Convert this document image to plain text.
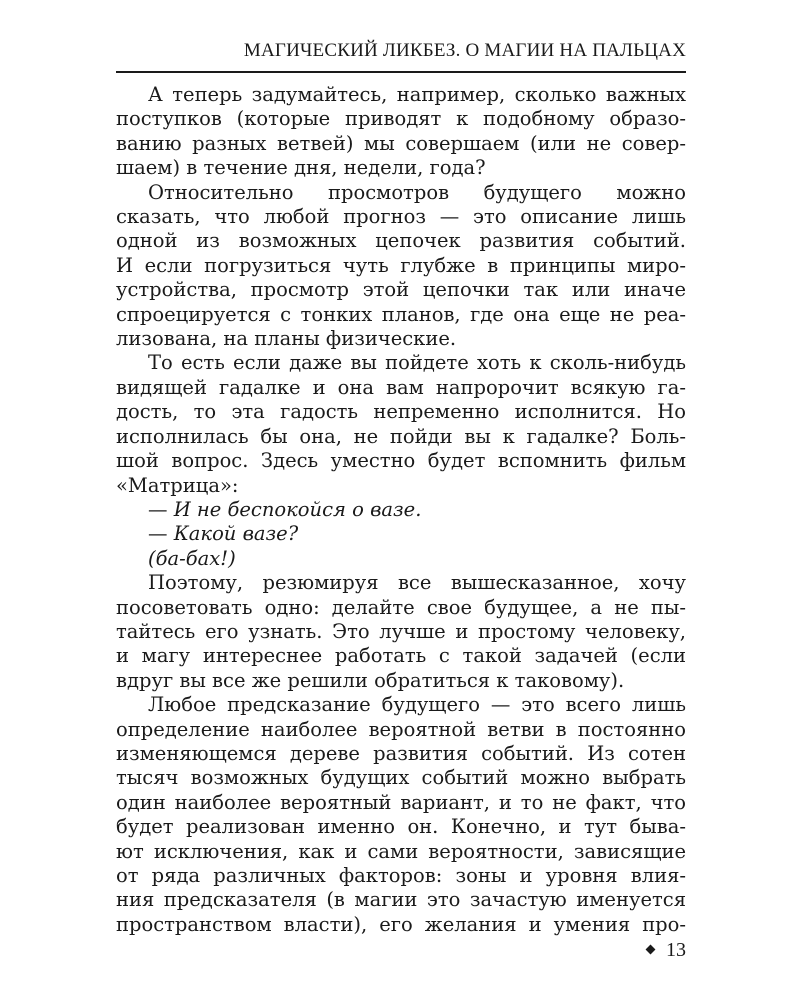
МАГИЧЕСКИЙ ЛИКБЕЗ. О МАГИИ НА ПАЛЬЦАХ
А теперь задумайтесь, например, сколько важных
поступков (которые приводят к подобному образо-
ванию разных ветвей) мы совершаем (или не совер-
шаем) в течение дня, недели, года?
Относительно просмотров будущего можно
сказать, что любой прогноз — это описание лишь
одной из возможных цепочек развития событий.
И если погрузиться чуть глубже в принципы миро-
устройства, просмотр этой цепочки так или иначе
спроецируется с тонких планов, где она еще не реа-
лизована, на планы физические.
То есть если даже вы пойдете хоть к сколь-нибудь
видящей гадалке и она вам напророчит всякую га-
дость, то эта гадость непременно исполнится. Но
исполнилась бы она, не пойди вы к гадалке? Боль-
шой вопрос. Здесь уместно будет вспомнить фильм
«Матрица»:
— И не беспокойся о вазе.
— Какой вазе?
(ба-бах!)
Поэтому, резюмируя все вышесказанное, хочу
посоветовать одно: делайте свое будущее, а не пы-
тайтесь его узнать. Это лучше и простому человеку,
и магу интереснее работать с такой задачей (если
вдруг вы все же решили обратиться к таковому).
Любое предсказание будущего — это всего лишь
определение наиболее вероятной ветви в постоянно
изменяющемся дереве развития событий. Из сотен
тысяч возможных будущих событий можно выбрать
один наиболее вероятный вариант, и то не факт, что
будет реализован именно он. Конечно, и тут быва-
ют исключения, как и сами вероятности, зависящие
от ряда различных факторов: зоны и уровня влия-
ния предсказателя (в магии это зачастую именуется
пространством власти), его желания и умения про-
13
